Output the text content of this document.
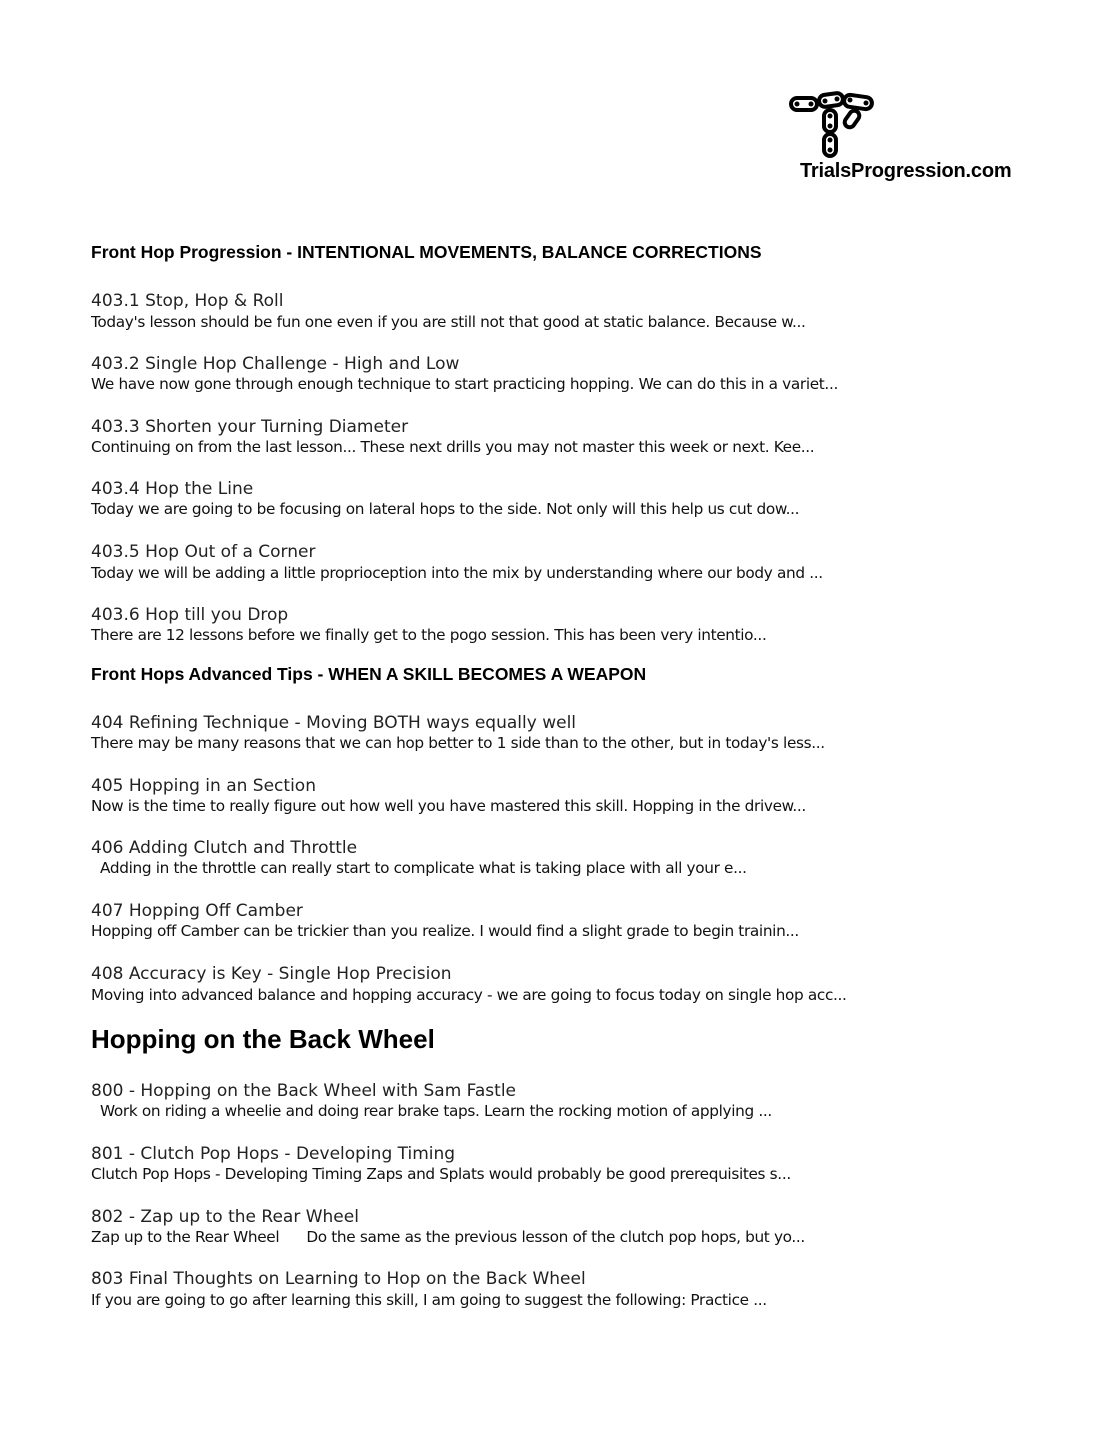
TrialsProgression.com
Front Hop Progression - INTENTIONAL MOVEMENTS, BALANCE CORRECTIONS
403.1 Stop, Hop & Roll
Today's lesson should be fun one even if you are still not that good at static balance. Because w...
403.2 Single Hop Challenge - High and Low
We have now gone through enough technique to start practicing hopping. We can do this in a variet...
403.3 Shorten your Turning Diameter
Continuing on from the last lesson... These next drills you may not master this week or next. Kee...
403.4 Hop the Line
Today we are going to be focusing on lateral hops to the side. Not only will this help us cut dow...
403.5 Hop Out of a Corner
Today we will be adding a little proprioception into the mix by understanding where our body and ...
403.6 Hop till you Drop
There are 12 lessons before we finally get to the pogo session. This has been very intentio...
Front Hops Advanced Tips - WHEN A SKILL BECOMES A WEAPON
404 Refining Technique - Moving BOTH ways equally well
There may be many reasons that we can hop better to 1 side than to the other, but in today's less...
405 Hopping in an Section
Now is the time to really figure out how well you have mastered this skill. Hopping in the drivew...
406 Adding Clutch and Throttle
Adding in the throttle can really start to complicate what is taking place with all your e...
407 Hopping Off Camber
Hopping off Camber can be trickier than you realize. I would find a slight grade to begin trainin...
408 Accuracy is Key - Single Hop Precision
Moving into advanced balance and hopping accuracy - we are going to focus today on single hop acc...
Hopping on the Back Wheel
800 - Hopping on the Back Wheel with Sam Fastle
Work on riding a wheelie and doing rear brake taps. Learn the rocking motion of applying ...
801 - Clutch Pop Hops - Developing Timing
Clutch Pop Hops - Developing Timing Zaps and Splats would probably be good prerequisites s...
802 - Zap up to the Rear Wheel
Zap up to the Rear Wheel      Do the same as the previous lesson of the clutch pop hops, but yo...
803 Final Thoughts on Learning to Hop on the Back Wheel
If you are going to go after learning this skill, I am going to suggest the following: Practice ...
